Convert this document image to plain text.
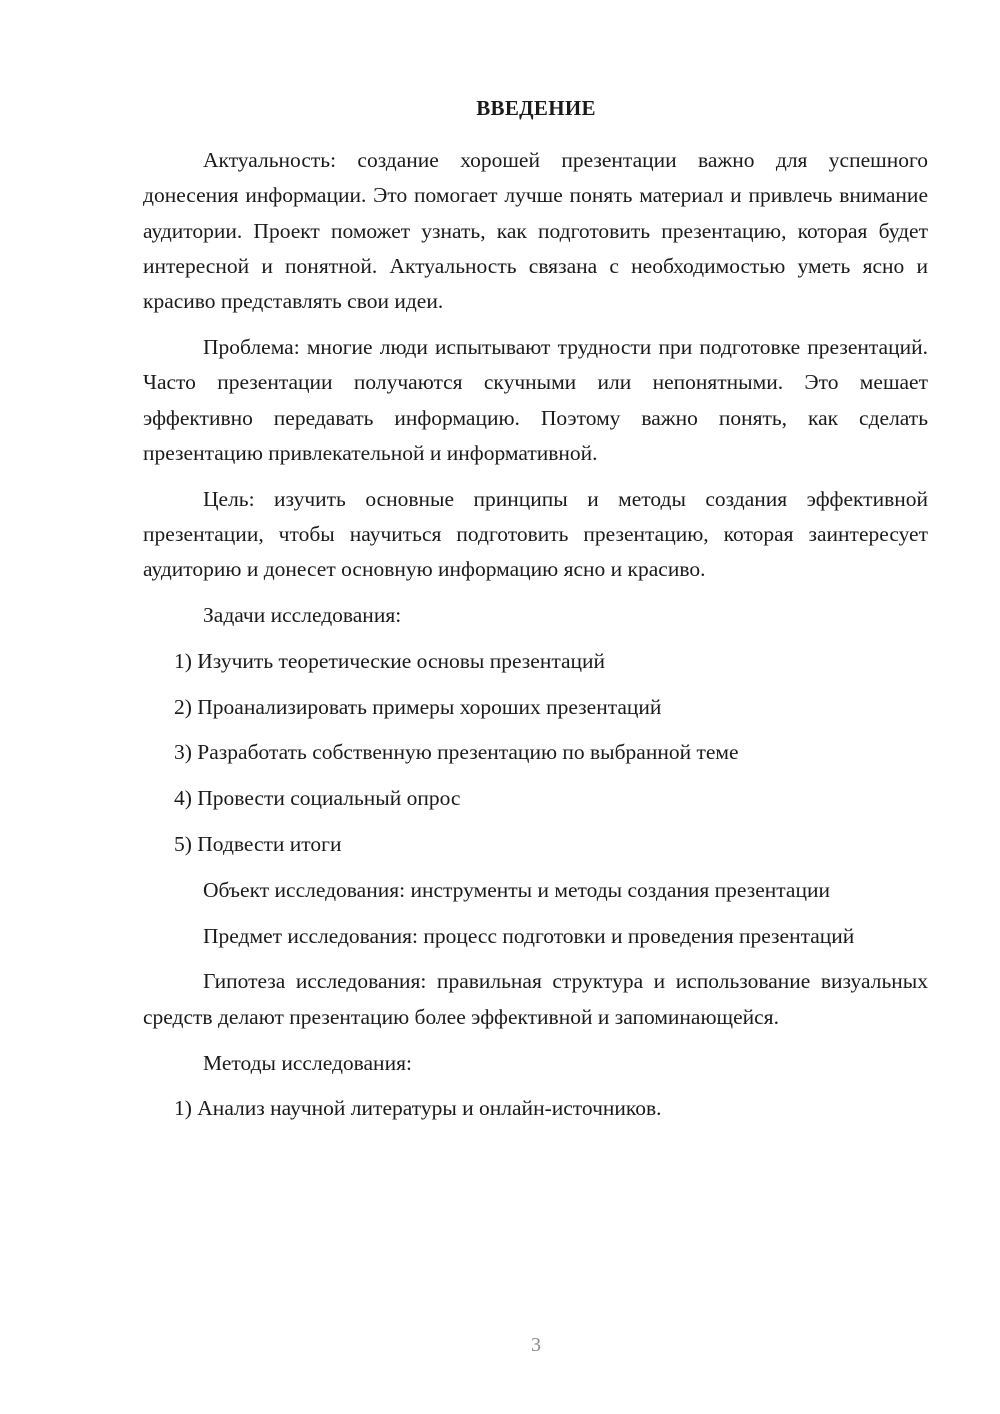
ВВЕДЕНИЕ

Актуальность: создание хорошей презентации важно для успешного донесения информации. Это помогает лучше понять материал и привлечь внимание аудитории. Проект поможет узнать, как подготовить презентацию, которая будет интересной и понятной. Актуальность связана с необходимостью уметь ясно и красиво представлять свои идеи.

Проблема: многие люди испытывают трудности при подготовке презентаций. Часто презентации получаются скучными или непонятными. Это мешает эффективно передавать информацию. Поэтому важно понять, как сделать презентацию привлекательной и информативной.

Цель: изучить основные принципы и методы создания эффективной презентации, чтобы научиться подготовить презентацию, которая заинтересует аудиторию и донесет основную информацию ясно и красиво.

Задачи исследования:

1) Изучить теоретические основы презентаций
2) Проанализировать примеры хороших презентаций
3) Разработать собственную презентацию по выбранной теме
4) Провести социальный опрос
5) Подвести итоги

Объект исследования: инструменты и методы создания презентации

Предмет исследования: процесс подготовки и проведения презентаций

Гипотеза исследования: правильная структура и использование визуальных средств делают презентацию более эффективной и запоминающейся.

Методы исследования:

1) Анализ научной литературы и онлайн-источников.
3
